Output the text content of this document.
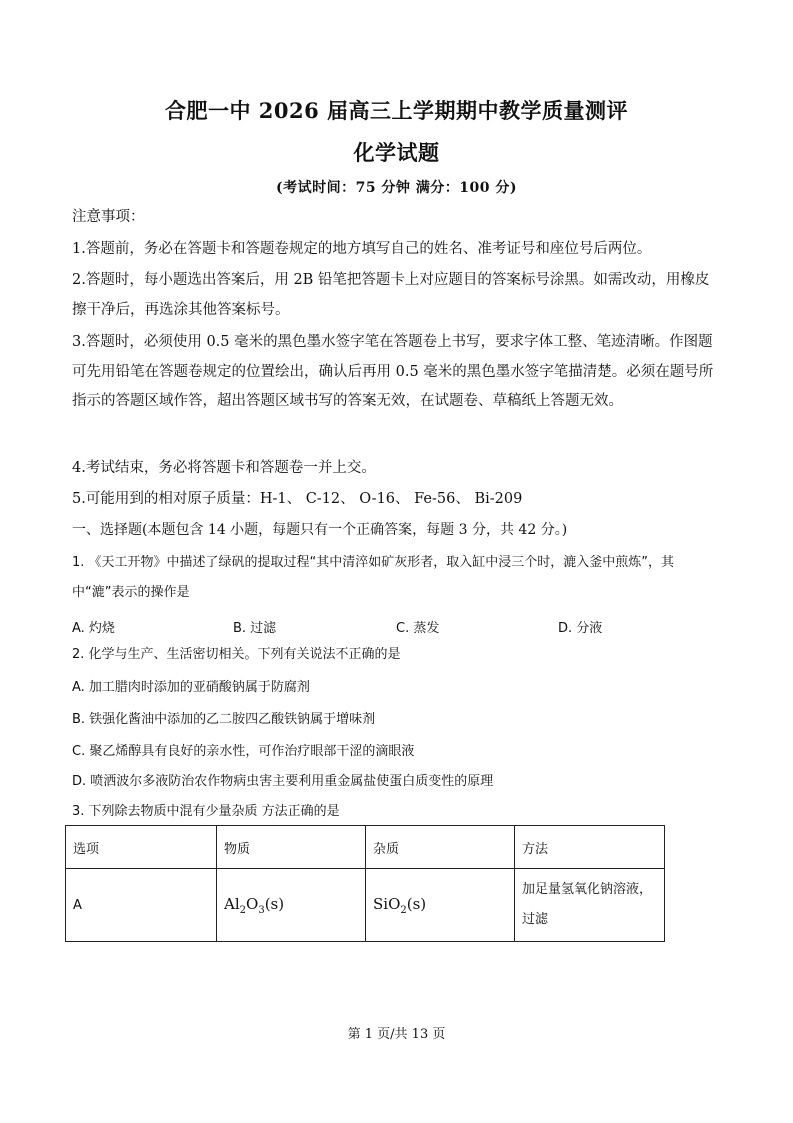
合肥一中 2026 届高三上学期期中教学质量测评
化学试题
(考试时间：75 分钟 满分：100 分)

注意事项：

1.答题前，务必在答题卡和答题卷规定的地方填写自己的姓名、准考证号和座位号后两位。

2.答题时，每小题选出答案后，用 2B 铅笔把答题卡上对应题目的答案标号涂黑。如需改动，用橡皮擦干净后，再选涂其他答案标号。

3.答题时，必须使用 0.5 毫米的黑色墨水签字笔在答题卷上书写，要求字体工整、笔迹清晰。作图题可先用铅笔在答题卷规定的位置绘出，确认后再用 0.5 毫米的黑色墨水签字笔描清楚。必须在题号所指示的答题区域作答，超出答题区域书写的答案无效，在试题卷、草稿纸上答题无效。

4.考试结束，务必将答题卡和答题卷一并上交。

5.可能用到的相对原子质量：H-1、 C-12、 O-16、 Fe-56、 Bi-209

一、选择题(本题包含 14 小题，每题只有一个正确答案，每题 3 分，共 42 分。)

1. 《天工开物》中描述了绿矾的提取过程“其中清淬如矿灰形者，取入缸中浸三个时，漉入釜中煎炼”，其中“漉”表示的操作是

A. 灼烧	B. 过滤	C. 蒸发	D. 分液

2. 化学与生产、生活密切相关。下列有关说法不正确的是

A. 加工腊肉时添加的亚硝酸钠属于防腐剂

B. 铁强化酱油中添加的乙二胺四乙酸铁钠属于增味剂

C. 聚乙烯醇具有良好的亲水性，可作治疗眼部干涩的滴眼液

D. 喷洒波尔多液防治农作物病虫害主要利用重金属盐使蛋白质变性的原理

3. 下列除去物质中混有少量杂质 方法正确的是

选项	物质	杂质	方法
A	$Al_2O_3(s)$	SiO$_2$(s)	加足量氢氧化钠溶液，过滤
第 1 页/共 13 页
